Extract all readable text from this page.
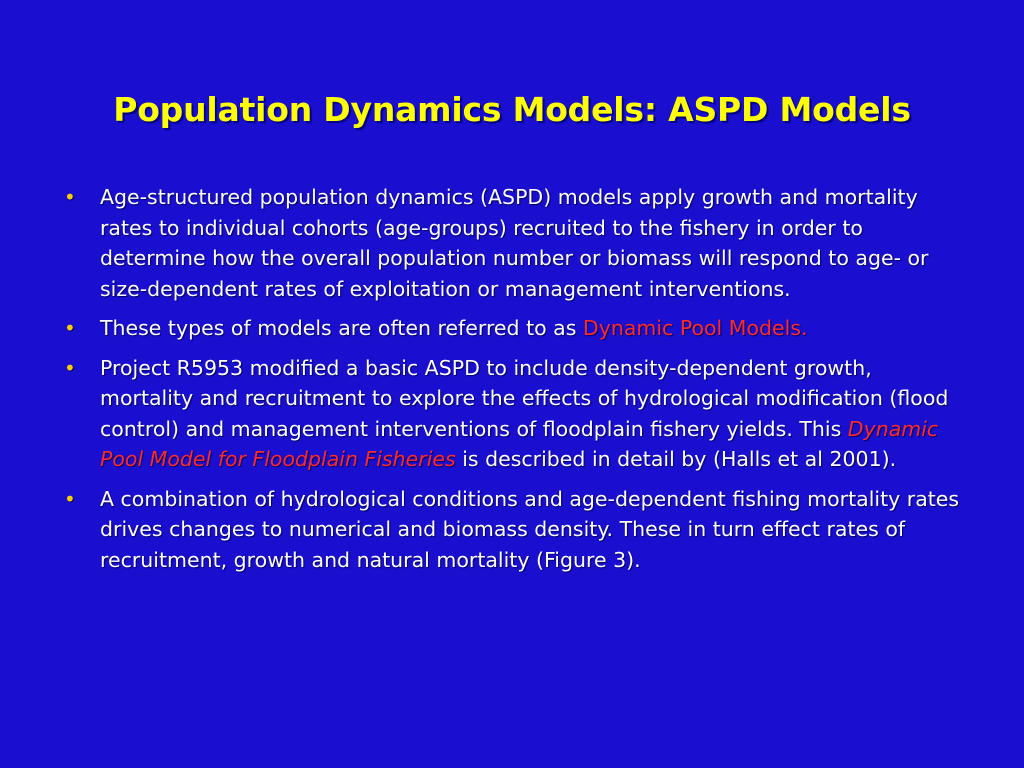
Population Dynamics Models: ASPD Models
• Age-structured population dynamics (ASPD) models apply growth and mortality rates to individual cohorts (age-groups) recruited to the fishery in order to determine how the overall population number or biomass will respond to age- or size-dependent rates of exploitation or management interventions.
• These types of models are often referred to as Dynamic Pool Models.
• Project R5953 modified a basic ASPD to include density-dependent growth, mortality and recruitment to explore the effects of hydrological modification (flood control) and management interventions of floodplain fishery yields. This Dynamic Pool Model for Floodplain Fisheries is described in detail by (Halls et al 2001).
• A combination of hydrological conditions and age-dependent fishing mortality rates drives changes to numerical and biomass density. These in turn effect rates of recruitment, growth and natural mortality (Figure 3).
